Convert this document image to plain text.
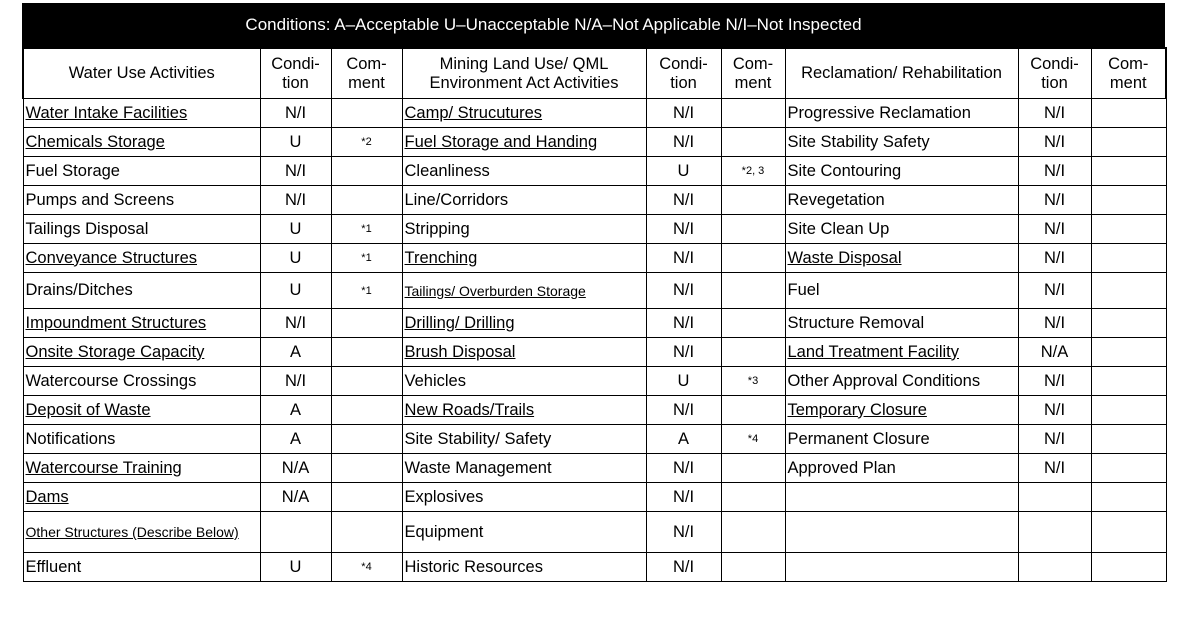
Conditions: A–Acceptable U–Unacceptable N/A–Not Applicable N/I–Not Inspected
Water Use Activities	Condi-tion	Com-ment	Mining Land Use/ QML Environment Act Activities	Condi-tion	Com-ment	Reclamation/ Rehabilitation	Condi-tion	Com-ment
Water Intake Facilities	N/I		Camp/ Strucutures	N/I		Progressive Reclamation	N/I	
Chemicals Storage	U	*2	Fuel Storage and Handing	N/I		Site Stability Safety	N/I	
Fuel Storage	N/I		Cleanliness	U	*2, 3	Site Contouring	N/I	
Pumps and Screens	N/I		Line/Corridors	N/I		Revegetation	N/I	
Tailings Disposal	U	*1	Stripping	N/I		Site Clean Up	N/I	
Conveyance Structures	U	*1	Trenching	N/I		Waste Disposal	N/I	
Drains/Ditches	U	*1	Tailings/ Overburden Storage	N/I		Fuel	N/I	
Impoundment Structures	N/I		Drilling/ Drilling	N/I		Structure Removal	N/I	
Onsite Storage Capacity	A		Brush Disposal	N/I		Land Treatment Facility	N/A	
Watercourse Crossings	N/I		Vehicles	U	*3	Other Approval Conditions	N/I	
Deposit of Waste	A		New Roads/Trails	N/I		Temporary Closure	N/I	
Notifications	A		Site Stability/ Safety	A	*4	Permanent Closure	N/I	
Watercourse Training	N/A		Waste Management	N/I		Approved Plan	N/I	
Dams	N/A		Explosives	N/I				
Other Structures (Describe Below)			Equipment	N/I				
Effluent	U	*4	Historic Resources	N/I				
